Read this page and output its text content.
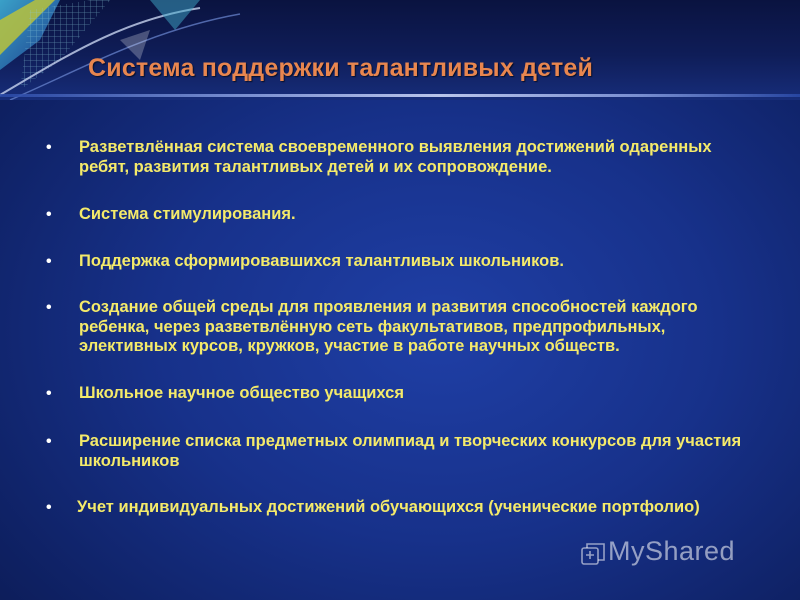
Система поддержки талантливых детей
• Разветвлённая система своевременного выявления достижений одаренных ребят, развития талантливых детей и их сопровождение.
• Система стимулирования.
• Поддержка сформировавшихся талантливых школьников.
• Создание общей среды для проявления и развития способностей каждого ребенка, через разветвлённую сеть факультативов, предпрофильных, элективных курсов, кружков, участие в работе научных обществ.
• Школьное научное общество учащихся
• Расширение списка предметных олимпиад и творческих конкурсов для участия школьников
• Учет индивидуальных достижений обучающихся (ученические портфолио)
MyShared
